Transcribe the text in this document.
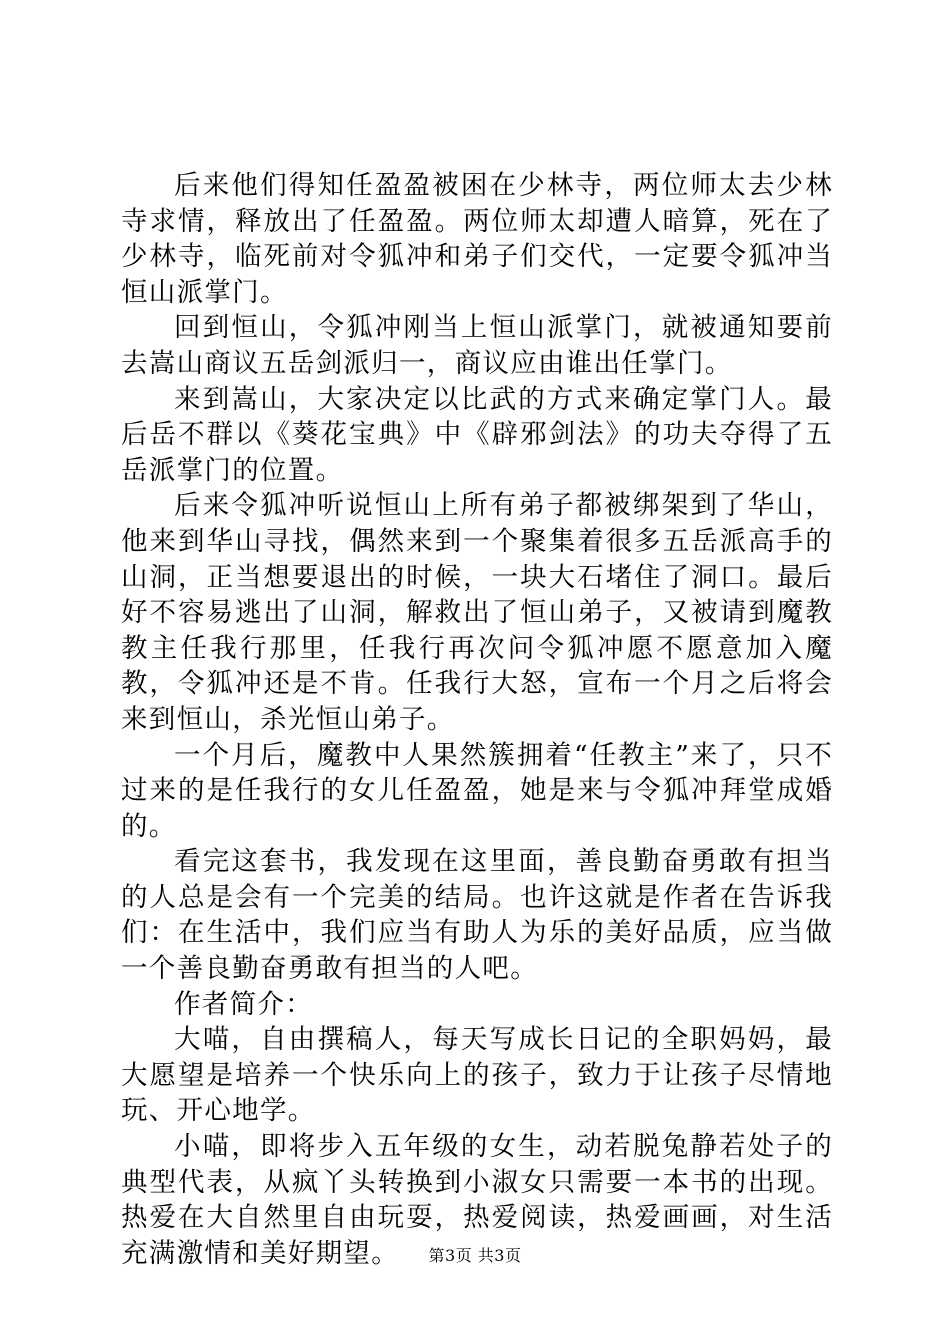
后来他们得知任盈盈被困在少林寺，两位师太去少林寺求情，释放出了任盈盈。两位师太却遭人暗算，死在了少林寺，临死前对令狐冲和弟子们交代，一定要令狐冲当恒山派掌门。

回到恒山，令狐冲刚当上恒山派掌门，就被通知要前去嵩山商议五岳剑派归一，商议应由谁出任掌门。

来到嵩山，大家决定以比武的方式来确定掌门人。最后岳不群以《葵花宝典》中《辟邪剑法》的功夫夺得了五岳派掌门的位置。

后来令狐冲听说恒山上所有弟子都被绑架到了华山，他来到华山寻找，偶然来到一个聚集着很多五岳派高手的山洞，正当想要退出的时候，一块大石堵住了洞口。最后好不容易逃出了山洞，解救出了恒山弟子，又被请到魔教教主任我行那里，任我行再次问令狐冲愿不愿意加入魔教，令狐冲还是不肯。任我行大怒，宣布一个月之后将会来到恒山，杀光恒山弟子。

一个月后，魔教中人果然簇拥着“任教主”来了，只不过来的是任我行的女儿任盈盈，她是来与令狐冲拜堂成婚的。

看完这套书，我发现在这里面，善良勤奋勇敢有担当的人总是会有一个完美的结局。也许这就是作者在告诉我们：在生活中，我们应当有助人为乐的美好品质，应当做一个善良勤奋勇敢有担当的人吧。

作者简介：

大喵，自由撰稿人，每天写成长日记的全职妈妈，最大愿望是培养一个快乐向上的孩子，致力于让孩子尽情地玩、开心地学。

小喵，即将步入五年级的女生，动若脱兔静若处子的典型代表，从疯丫头转换到小淑女只需要一本书的出现。热爱在大自然里自由玩耍，热爱阅读，热爱画画，对生活充满激情和美好期望。	第3页 共3页
